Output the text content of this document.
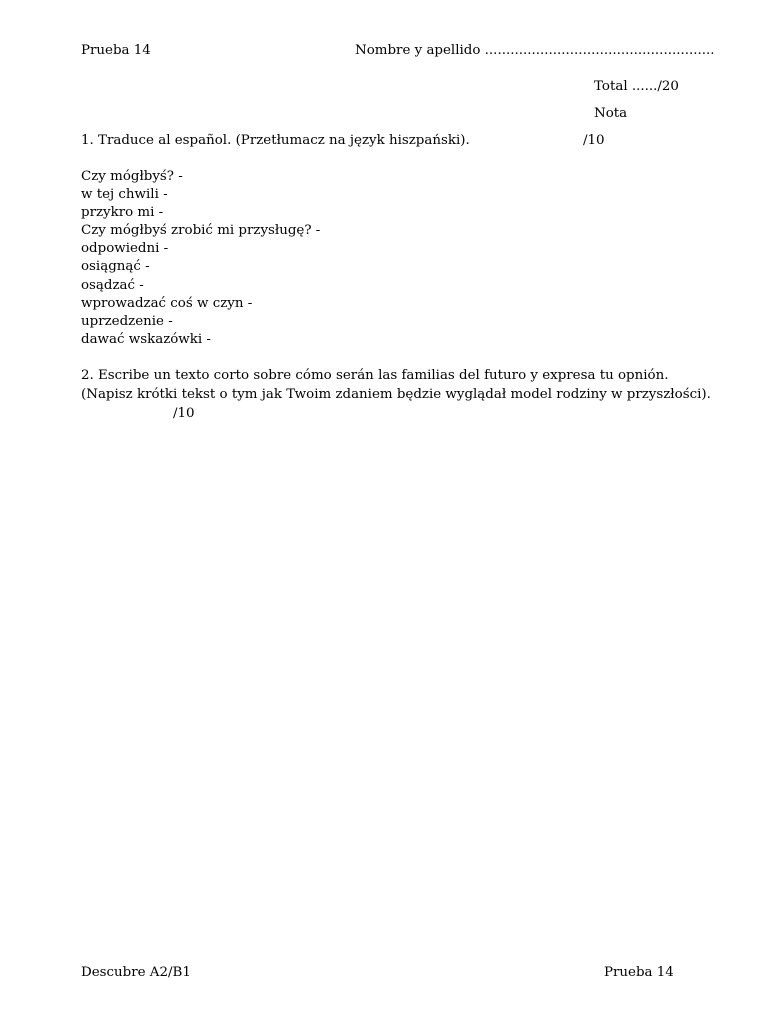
Prueba 14	Nombre y apellido ......................................................
Total ....../20
Nota
1. Traduce al español. (Przetłumacz na język hiszpański).	/10
Czy mógłbyś? -
w tej chwili -
przykro mi -
Czy mógłbyś zrobić mi przysługę? -
odpowiedni -
osiągnąć -
osądzać -
wprowadzać coś w czyn -
uprzedzenie -
dawać wskazówki -
2. Escribe un texto corto sobre cómo serán las familias del futuro y expresa tu opnión. (Napisz krótki tekst o tym jak Twoim zdaniem będzie wyglądał model rodziny w przyszłości)./10
Descubre A2/B1	Prueba 14
